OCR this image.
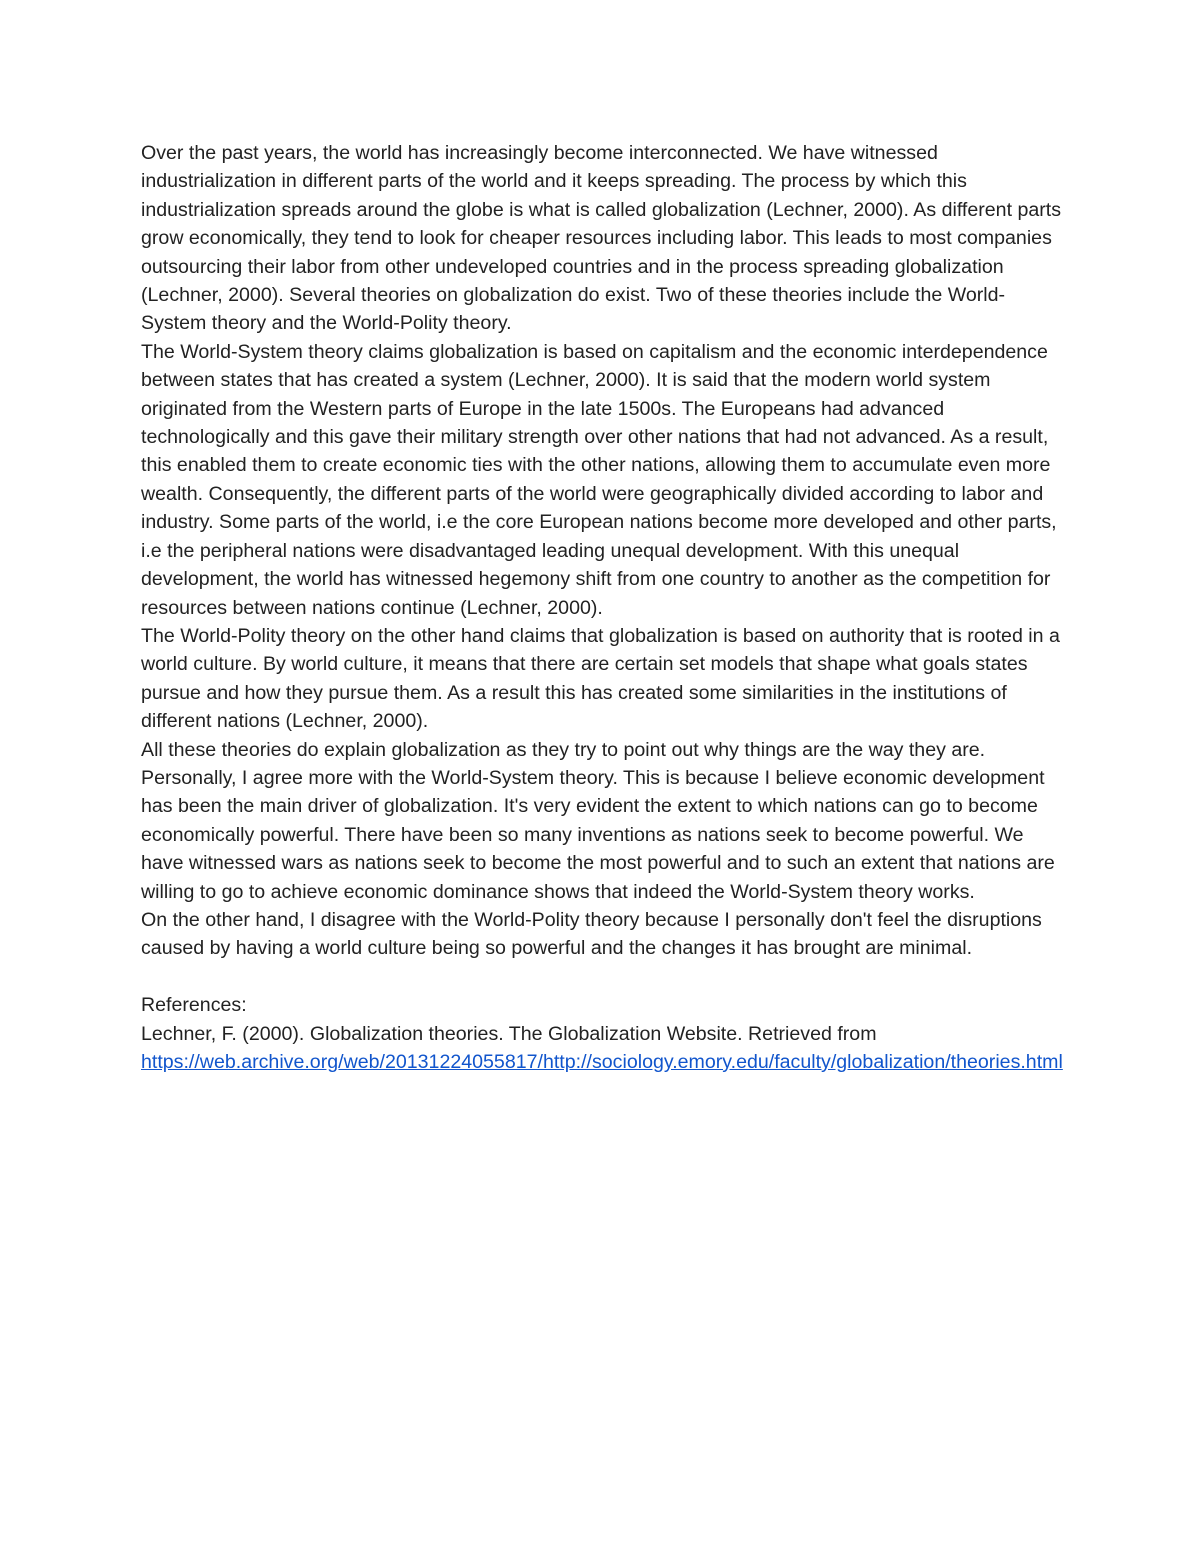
Over the past years, the world has increasingly become interconnected. We have witnessed industrialization in different parts of the world and it keeps spreading. The process by which this industrialization spreads around the globe is what is called globalization (Lechner, 2000). As different parts grow economically, they tend to look for cheaper resources including labor. This leads to most companies outsourcing their labor from other undeveloped countries and in the process spreading globalization (Lechner, 2000). Several theories on globalization do exist. Two of these theories include the World-System theory and the World-Polity theory.

The World-System theory claims globalization is based on capitalism and the economic interdependence between states that has created a system (Lechner, 2000). It is said that the modern world system originated from the Western parts of Europe in the late 1500s. The Europeans had advanced technologically and this gave their military strength over other nations that had not advanced. As a result, this enabled them to create economic ties with the other nations, allowing them to accumulate even more wealth. Consequently, the different parts of the world were geographically divided according to labor and industry. Some parts of the world, i.e the core European nations become more developed and other parts, i.e the peripheral nations were disadvantaged leading unequal development. With this unequal development, the world has witnessed hegemony shift from one country to another as the competition for resources between nations continue (Lechner, 2000).

The World-Polity theory on the other hand claims that globalization is based on authority that is rooted in a world culture. By world culture, it means that there are certain set models that shape what goals states pursue and how they pursue them. As a result this has created some similarities in the institutions of different nations (Lechner, 2000).

All these theories do explain globalization as they try to point out why things are the way they are. Personally, I agree more with the World-System theory. This is because I believe economic development has been the main driver of globalization. It's very evident the extent to which nations can go to become economically powerful. There have been so many inventions as nations seek to become powerful. We have witnessed wars as nations seek to become the most powerful and to such an extent that nations are willing to go to achieve economic dominance shows that indeed the World-System theory works.

On the other hand, I disagree with the World-Polity theory because I personally don't feel the disruptions caused by having a world culture being so powerful and the changes it has brought are minimal.

References:

Lechner, F. (2000). Globalization theories. The Globalization Website. Retrieved from

https://web.archive.org/web/20131224055817/http://sociology.emory.edu/faculty/globalization/theories.html
